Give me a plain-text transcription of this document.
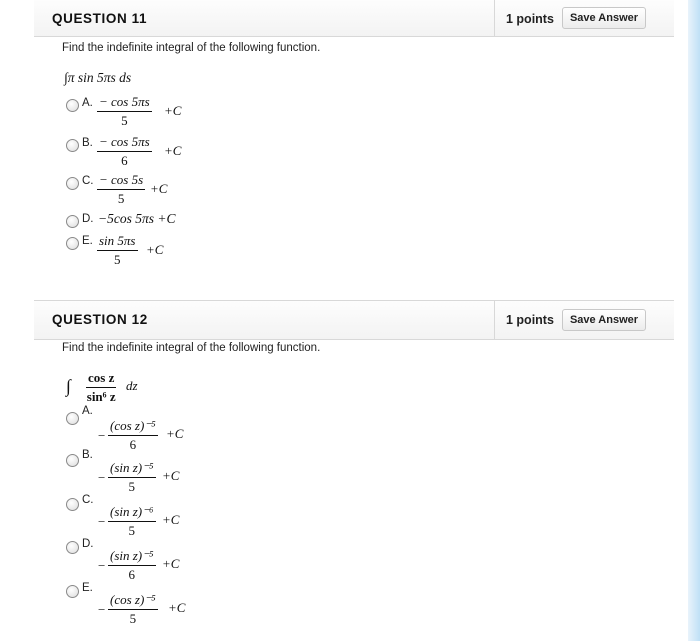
QUESTION 11	1 points	Save Answer
Find the indefinite integral of the following function.
∫π sin 5πs ds
A. $\frac{- \cos 5\pi s}{5} +C$
B. $\frac{- \cos 5\pi s}{6} +C$
C. $\frac{- \cos 5s}{5} +C$
D. −5cos 5πs +C
E. $\frac{\sin 5\pi s}{5} +C$
QUESTION 12	1 points	Save Answer
Find the indefinite integral of the following function.
∫ $\frac{\text{cos z}}{\text{sin⁶ z}}$ dz
A.
− $\frac{\text{(cos z)⁻⁵}}{6} +C$
B.
− $\frac{\text{(sin z)⁻⁵}}{5} +C$
C.
− $\frac{\text{(sin z)⁻⁶}}{5} +C$
D.
− $\frac{\text{(sin z)⁻⁵}}{6} +C$
E.
− $\frac{\text{(cos z)⁻⁵}}{5} +C$
